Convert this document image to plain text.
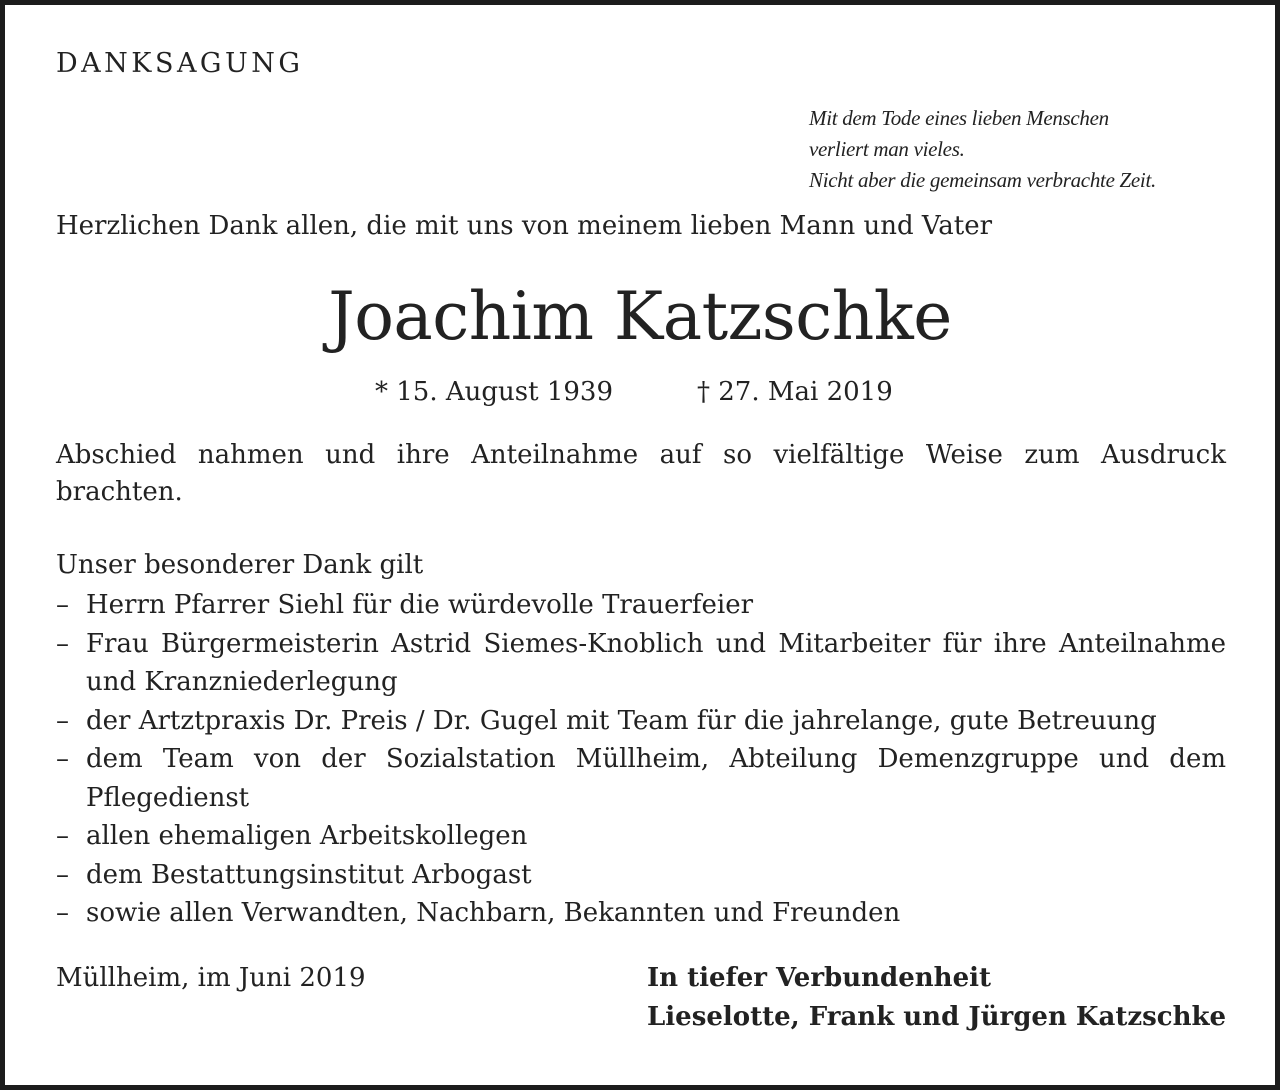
DANKSAGUNG
Mit dem Tode eines lieben Menschen
verliert man vieles.
Nicht aber die gemeinsam verbrachte Zeit.
Herzlichen Dank allen, die mit uns von meinem lieben Mann und Vater
Joachim Katzschke
* 15. August 1939	† 27. Mai 2019

Abschied nahmen und ihre Anteilnahme auf so vielfältige Weise zum Ausdruck brachten.

Unser besonderer Dank gilt
– Herrn Pfarrer Siehl für die würdevolle Trauerfeier
– Frau Bürgermeisterin Astrid Siemes-Knoblich und Mitarbeiter für ihre Anteilnahme und Kranzniederlegung
– der Artztpraxis Dr. Preis / Dr. Gugel mit Team für die jahrelange, gute Betreuung
– dem Team von der Sozialstation Müllheim, Abteilung Demenzgruppe und dem Pflegedienst
– allen ehemaligen Arbeitskollegen
– dem Bestattungsinstitut Arbogast
– sowie allen Verwandten, Nachbarn, Bekannten und Freunden
Müllheim, im Juni 2019	In tiefer Verbundenheit
Lieselotte, Frank und Jürgen Katzschke
